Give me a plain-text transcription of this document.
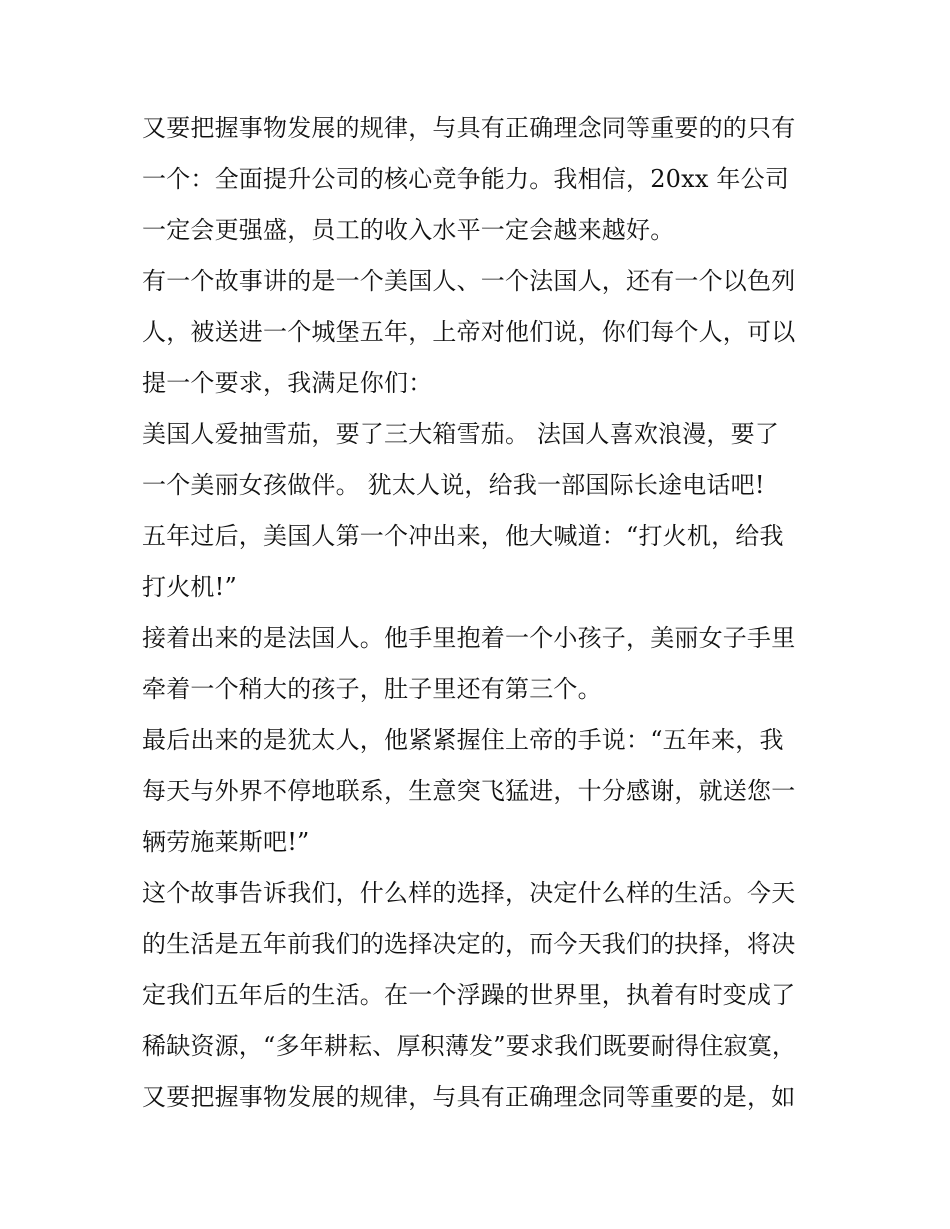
又要把握事物发展的规律，与具有正确理念同等重要的的只有
一个：全面提升公司的核心竞争能力。我相信，20xx 年公司
一定会更强盛，员工的收入水平一定会越来越好。
有一个故事讲的是一个美国人、一个法国人，还有一个以色列
人，被送进一个城堡五年，上帝对他们说，你们每个人，可以
提一个要求，我满足你们：
美国人爱抽雪茄，要了三大箱雪茄。 法国人喜欢浪漫，要了
一个美丽女孩做伴。 犹太人说，给我一部国际长途电话吧!
五年过后，美国人第一个冲出来，他大喊道：“打火机，给我
打火机!”
接着出来的是法国人。他手里抱着一个小孩子，美丽女子手里
牵着一个稍大的孩子，肚子里还有第三个。
最后出来的是犹太人，他紧紧握住上帝的手说：“五年来，我
每天与外界不停地联系，生意突飞猛进，十分感谢，就送您一
辆劳施莱斯吧!”
这个故事告诉我们，什么样的选择，决定什么样的生活。今天
的生活是五年前我们的选择决定的，而今天我们的抉择，将决
定我们五年后的生活。在一个浮躁的世界里，执着有时变成了
稀缺资源，“多年耕耘、厚积薄发”要求我们既要耐得住寂寞，
又要把握事物发展的规律，与具有正确理念同等重要的是，如
